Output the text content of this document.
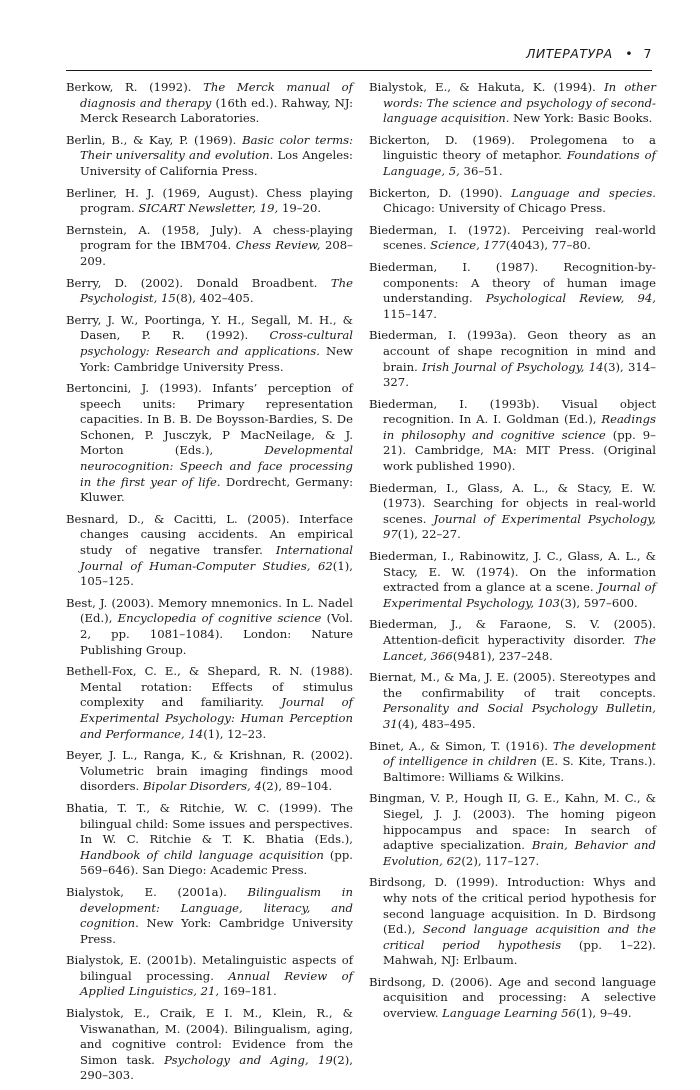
ЛИТЕРАТУРА • 7

Berkow, R. (1992). The Merck manual of diagnosis and therapy (16th ed.). Rahway, NJ: Merck Research Laboratories.

Berlin, B., & Kay, P. (1969). Basic color terms: Their universality and evolution. Los Angeles: University of California Press.

Berliner, H. J. (1969, August). Chess playing program. SICART Newsletter, 19, 19–20.

Bernstein, A. (1958, July). A chess-playing program for the IBM704. Chess Review, 208–209.

Berry, D. (2002). Donald Broadbent. The Psychologist, 15(8), 402–405.

Berry, J. W., Poortinga, Y. H., Segall, M. H., & Dasen, P. R. (1992). Cross-cultural psychology: Research and applications. New York: Cambridge University Press.

Bertoncini, J. (1993). Infants’ perception of speech units: Primary representation capacities. In B. B. De Boysson-Bardies, S. De Schonen, P. Jusczyk, P MacNeilage, & J. Morton (Eds.), Developmental neurocognition: Speech and face processing in the first year of life. Dordrecht, Germany: Kluwer.

Besnard, D., & Cacitti, L. (2005). Interface changes causing accidents. An empirical study of negative transfer. International Journal of Human-Computer Studies, 62(1), 105–125.

Best, J. (2003). Memory mnemonics. In L. Nadel (Ed.), Encyclopedia of cognitive science (Vol. 2, pp. 1081–1084). London: Nature Publishing Group.

Bethell-Fox, C. E., & Shepard, R. N. (1988). Mental rotation: Effects of stimulus complexity and familiarity. Journal of Experimental Psychology: Human Perception and Performance, 14(1), 12–23.

Beyer, J. L., Ranga, K., & Krishnan, R. (2002). Volumetric brain imaging findings mood disorders. Bipolar Disorders, 4(2), 89–104.

Bhatia, T. T., & Ritchie, W. C. (1999). The bilingual child: Some issues and perspectives. In W. C. Ritchie & T. K. Bhatia (Eds.), Handbook of child language acquisition (pp. 569–646). San Diego: Academic Press.

Bialystok, E. (2001a). Bilingualism in development: Language, literacy, and cognition. New York: Cambridge University Press.

Bialystok, E. (2001b). Metalinguistic aspects of bilingual processing. Annual Review of Applied Linguistics, 21, 169–181.

Bialystok, E., Craik, E I. M., Klein, R., & Viswanathan, M. (2004). Bilingualism, aging, and cognitive control: Evidence from the Simon task. Psychology and Aging, 19(2), 290–303.

Bialystok, E., & Hakuta, K. (1994). In other words: The science and psychology of second-language acquisition. New York: Basic Books.

Bickerton, D. (1969). Prolegomena to a linguistic theory of metaphor. Foundations of Language, 5, 36–51.

Bickerton, D. (1990). Language and species. Chicago: University of Chicago Press.

Biederman, I. (1972). Perceiving real-world scenes. Science, 177(4043), 77–80.

Biederman, I. (1987). Recognition-by-components: A theory of human image understanding. Psychological Review, 94, 115–147.

Biederman, I. (1993a). Geon theory as an account of shape recognition in mind and brain. Irish Journal of Psychology, 14(3), 314–327.

Biederman, I. (1993b). Visual object recognition. In A. I. Goldman (Ed.), Readings in philosophy and cognitive science (pp. 9–21). Cambridge, MA: MIT Press. (Original work published 1990).

Biederman, I., Glass, A. L., & Stacy, E. W. (1973). Searching for objects in real-world scenes. Journal of Experimental Psychology, 97(1), 22–27.

Biederman, I., Rabinowitz, J. C., Glass, A. L., & Stacy, E. W. (1974). On the information extracted from a glance at a scene. Journal of Experimental Psychology, 103(3), 597–600.

Biederman, J., & Faraone, S. V. (2005). Attention-deficit hyperactivity disorder. The Lancet, 366(9481), 237–248.

Biernat, M., & Ma, J. E. (2005). Stereotypes and the confirmability of trait concepts. Personality and Social Psychology Bulletin, 31(4), 483–495.

Binet, A., & Simon, T. (1916). The development of intelligence in children (E. S. Kite, Trans.). Baltimore: Williams & Wilkins.

Bingman, V. P., Hough II, G. E., Kahn, M. C., & Siegel, J. J. (2003). The homing pigeon hippocampus and space: In search of adaptive specialization. Brain, Behavior and Evolution, 62(2), 117–127.

Birdsong, D. (1999). Introduction: Whys and why nots of the critical period hypothesis for second language acquisition. In D. Birdsong (Ed.), Second language acquisition and the critical period hypothesis (pp. 1–22). Mahwah, NJ: Erlbaum.

Birdsong, D. (2006). Age and second language acquisition and processing: A selective overview. Language Learning 56(1), 9–49.
